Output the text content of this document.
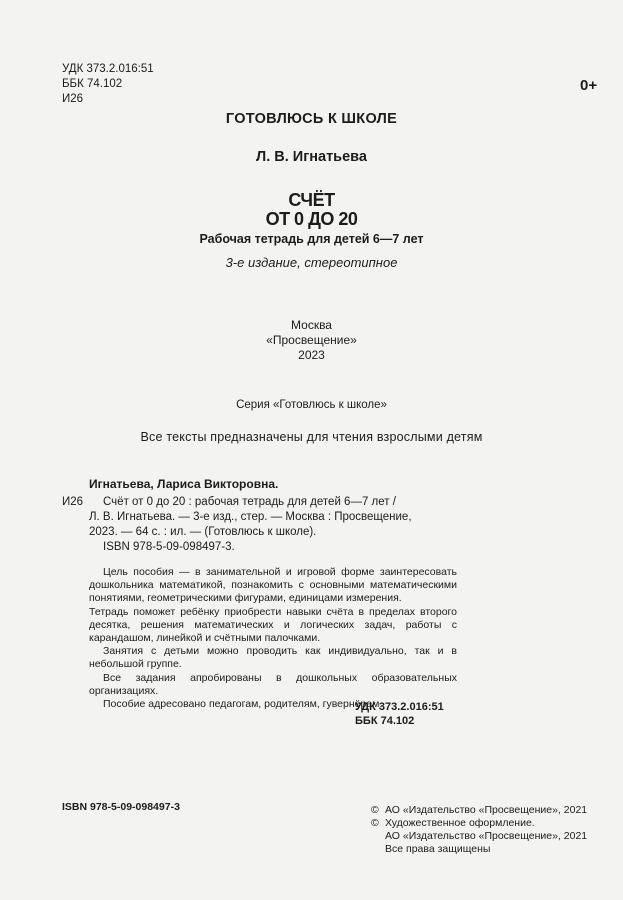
УДК 373.2.016:51
ББК 74.102
И26
0+
ГОТОВЛЮСЬ К ШКОЛЕ
Л. В. Игнатьева
СЧЁТ
ОТ 0 ДО 20
Рабочая тетрадь для детей 6—7 лет
3-е издание, стереотипное
Москва
«Просвещение»
2023
Серия «Готовлюсь к школе»
Все тексты предназначены для чтения взрослыми детям
Игнатьева, Лариса Викторовна.
И26	Счёт от 0 до 20 : рабочая тетрадь для детей 6—7 лет /

Л. В. Игнатьева. — 3-е изд., стер. — Москва : Просвещение,

2023. — 64 с. : ил. — (Готовлюсь к школе).

ISBN 978-5-09-098497-3.

Цель пособия — в занимательной и игровой форме заинтересовать дошкольника математикой, познакомить с основными математическими понятиями, геометрическими фигурами, единицами измерения.

Тетрадь поможет ребёнку приобрести навыки счёта в пределах второго десятка, решения математических и логических задач, работы с карандашом, линейкой и счётными палочками.

Занятия с детьми можно проводить как индивидуально, так и в небольшой группе.

Все задания апробированы в дошкольных образовательных организациях.

Пособие адресовано педагогам, родителям, гувернёрам.

УДК 373.2.016:51
ББК 74.102
ISBN 978-5-09-098497-3	© АО «Издательство «Просвещение», 2021
© Художественное оформление.
АО «Издательство «Просвещение», 2021
Все права защищены
